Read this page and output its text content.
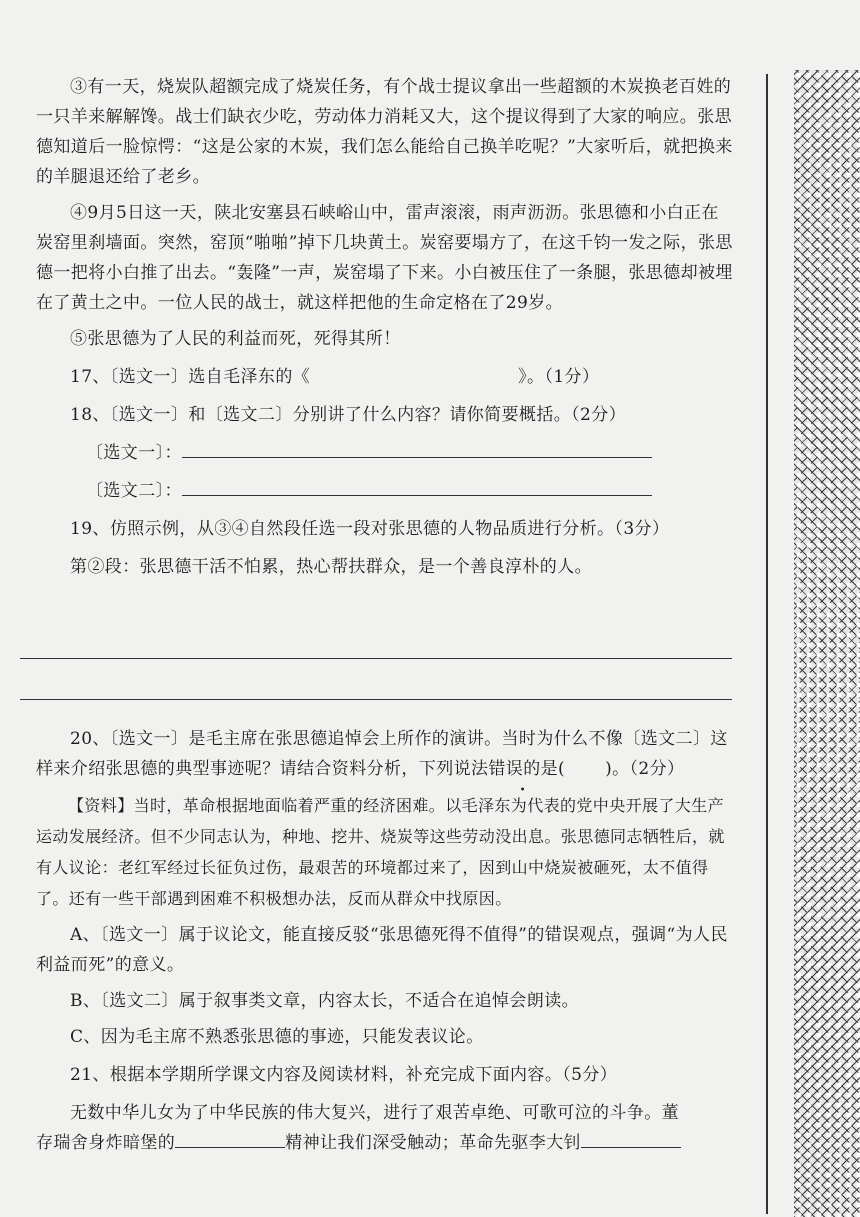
③有一天，烧炭队超额完成了烧炭任务，有个战士提议拿出一些超额的木炭换老百姓的一只羊来解解馋。战士们缺衣少吃，劳动体力消耗又大，这个提议得到了大家的响应。张思德知道后一脸惊愕：“这是公家的木炭，我们怎么能给自己换羊吃呢？”大家听后，就把换来的羊腿退还给了老乡。

④9月5日这一天，陕北安塞县石峡峪山中，雷声滚滚，雨声沥沥。张思德和小白正在炭窑里刹墙面。突然，窑顶“啪啪”掉下几块黄土。炭窑要塌方了，在这千钧一发之际，张思德一把将小白推了出去。“轰隆”一声，炭窑塌了下来。小白被压住了一条腿，张思德却被埋在了黄土之中。一位人民的战士，就这样把他的生命定格在了29岁。

⑤张思德为了人民的利益而死，死得其所！

17、〔选文一〕选自毛泽东的《	》。（1分）

18、〔选文一〕和〔选文二〕分别讲了什么内容？请你简要概括。（2分）

〔选文一〕：

〔选文二〕：

19、仿照示例，从③④自然段任选一段对张思德的人物品质进行分析。（3分）

第②段：张思德干活不怕累，热心帮扶群众，是一个善良淳朴的人。

20、〔选文一〕是毛主席在张思德追悼会上所作的演讲。当时为什么不像〔选文二〕这样来介绍张思德的典型事迹呢？请结合资料分析，下列说法错误的是( )。（2分）

【资料】当时，革命根据地面临着严重的经济困难。以毛泽东为代表的党中央开展了大生产运动发展经济。但不少同志认为，种地、挖井、烧炭等这些劳动没出息。张思德同志牺牲后，就有人议论：老红军经过长征负过伤，最艰苦的环境都过来了，因到山中烧炭被砸死，太不值得了。还有一些干部遇到困难不积极想办法，反而从群众中找原因。

A、〔选文一〕属于议论文，能直接反驳“张思德死得不值得”的错误观点，强调“为人民利益而死”的意义。

B、〔选文二〕属于叙事类文章，内容太长，不适合在追悼会朗读。

C、因为毛主席不熟悉张思德的事迹，只能发表议论。

21、根据本学期所学课文内容及阅读材料，补充完成下面内容。（5分）

无数中华儿女为了中华民族的伟大复兴，进行了艰苦卓绝、可歌可泣的斗争。董

存瑞舍身炸暗堡的	精神让我们深受触动；革命先驱李大钊
